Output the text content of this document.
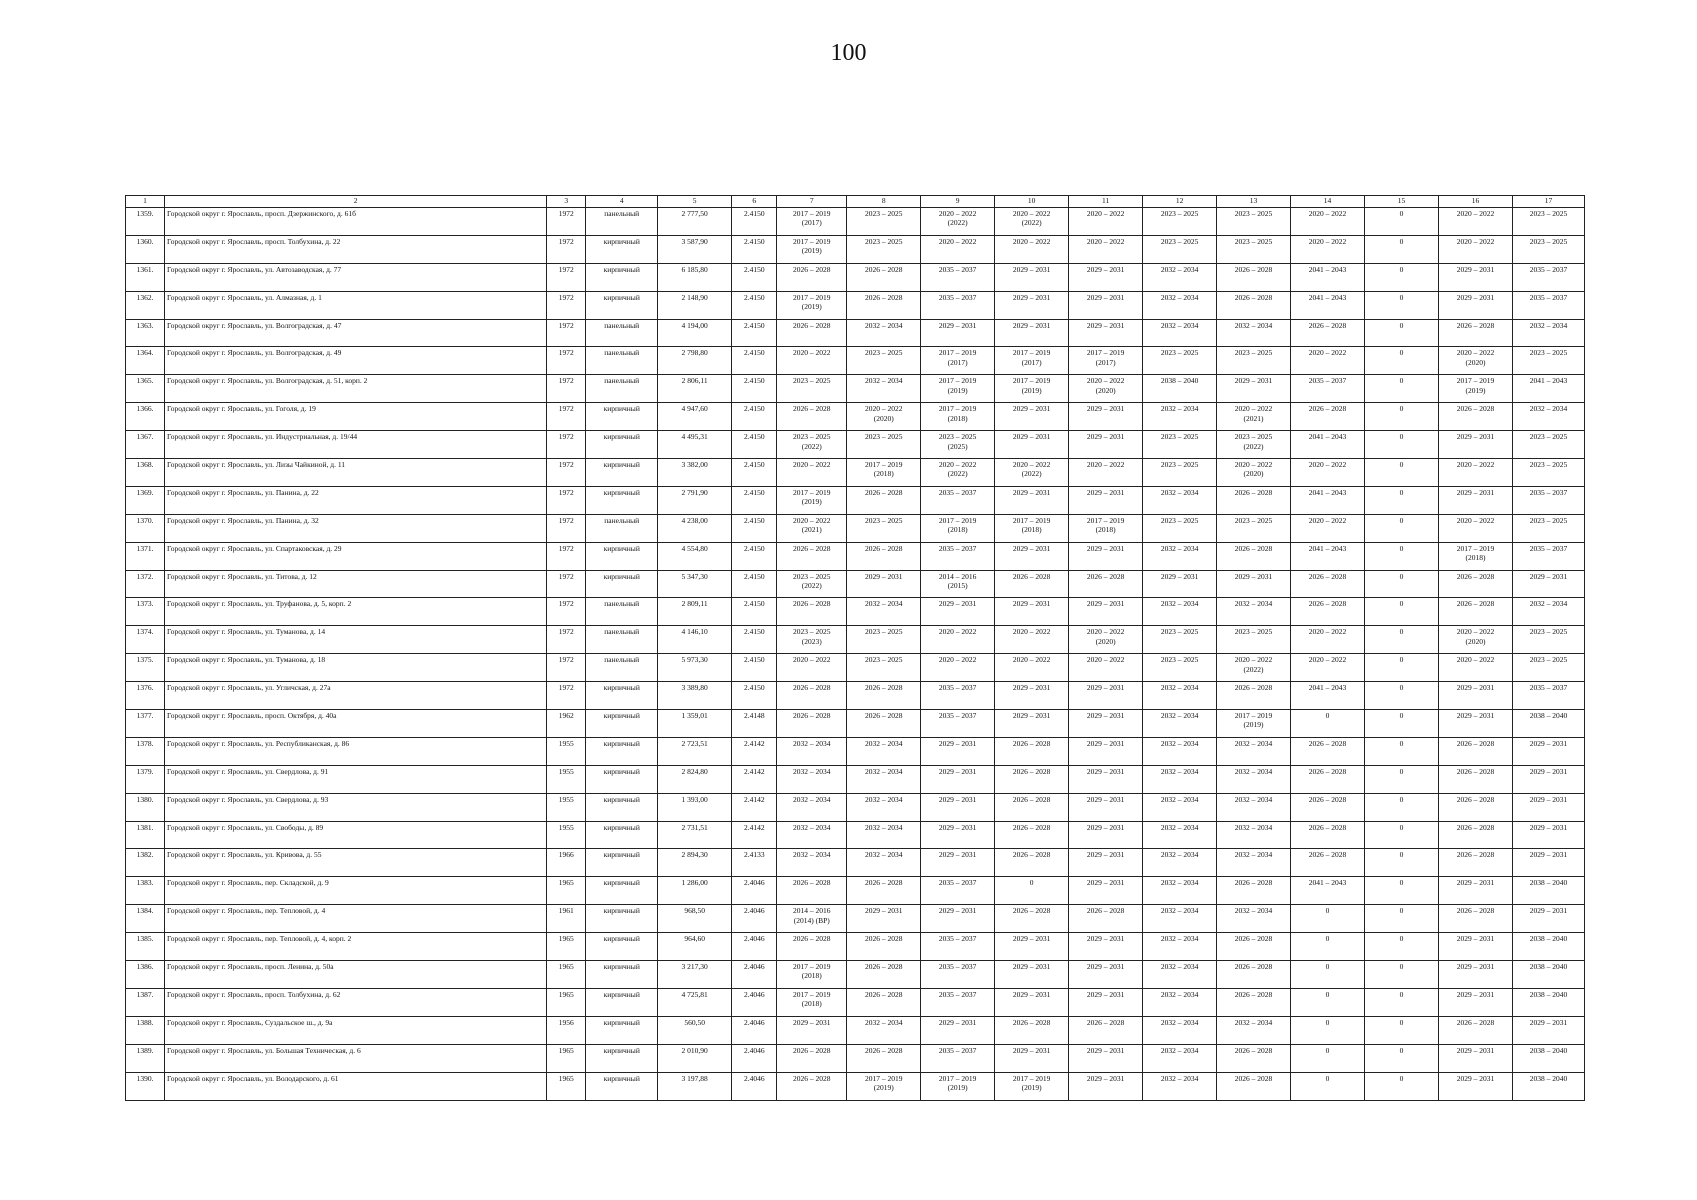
100
1	2	3	4	5	6	7	8	9	10	11	12	13	14	15	16	17

1359.	Городской округ г. Ярославль, просп. Дзержинского, д. 61б	1972	панельный	2 777,50	2.4150	2017 – 2019
(2017)	2023 – 2025	2020 – 2022
(2022)	2020 – 2022
(2022)	2020 – 2022	2023 – 2025	2023 – 2025	2020 – 2022	0	2020 – 2022	2023 – 2025

1360.	Городской округ г. Ярославль, просп. Толбухина, д. 22	1972	кирпичный	3 587,90	2.4150	2017 – 2019
(2019)	2023 – 2025	2020 – 2022	2020 – 2022	2020 – 2022	2023 – 2025	2023 – 2025	2020 – 2022	0	2020 – 2022	2023 – 2025

1361.	Городской округ г. Ярославль, ул. Автозаводская, д. 77	1972	кирпичный	6 185,80	2.4150	2026 – 2028	2026 – 2028	2035 – 2037	2029 – 2031	2029 – 2031	2032 – 2034	2026 – 2028	2041 – 2043	0	2029 – 2031	2035 – 2037

1362.	Городской округ г. Ярославль, ул. Алмазная, д. 1	1972	кирпичный	2 148,90	2.4150	2017 – 2019
(2019)	2026 – 2028	2035 – 2037	2029 – 2031	2029 – 2031	2032 – 2034	2026 – 2028	2041 – 2043	0	2029 – 2031	2035 – 2037

1363.	Городской округ г. Ярославль, ул. Волгоградская, д. 47	1972	панельный	4 194,00	2.4150	2026 – 2028	2032 – 2034	2029 – 2031	2029 – 2031	2029 – 2031	2032 – 2034	2032 – 2034	2026 – 2028	0	2026 – 2028	2032 – 2034

1364.	Городской округ г. Ярославль, ул. Волгоградская, д. 49	1972	панельный	2 798,80	2.4150	2020 – 2022	2023 – 2025	2017 – 2019
(2017)	2017 – 2019
(2017)	2017 – 2019
(2017)	2023 – 2025	2023 – 2025	2020 – 2022	0	2020 – 2022
(2020)	2023 – 2025

1365.	Городской округ г. Ярославль, ул. Волгоградская, д. 51, корп. 2	1972	панельный	2 806,11	2.4150	2023 – 2025	2032 – 2034	2017 – 2019
(2019)	2017 – 2019
(2019)	2020 – 2022
(2020)	2038 – 2040	2029 – 2031	2035 – 2037	0	2017 – 2019
(2019)	2041 – 2043

1366.	Городской округ г. Ярославль, ул. Гоголя, д. 19	1972	кирпичный	4 947,60	2.4150	2026 – 2028	2020 – 2022
(2020)	2017 – 2019
(2018)	2029 – 2031	2029 – 2031	2032 – 2034	2020 – 2022
(2021)	2026 – 2028	0	2026 – 2028	2032 – 2034

1367.	Городской округ г. Ярославль, ул. Индустриальная, д. 19/44	1972	кирпичный	4 495,31	2.4150	2023 – 2025
(2022)	2023 – 2025	2023 – 2025
(2025)	2029 – 2031	2029 – 2031	2023 – 2025	2023 – 2025
(2022)	2041 – 2043	0	2029 – 2031	2023 – 2025

1368.	Городской округ г. Ярославль, ул. Лизы Чайкиной, д. 11	1972	кирпичный	3 382,00	2.4150	2020 – 2022	2017 – 2019
(2018)	2020 – 2022
(2022)	2020 – 2022
(2022)	2020 – 2022	2023 – 2025	2020 – 2022
(2020)	2020 – 2022	0	2020 – 2022	2023 – 2025

1369.	Городской округ г. Ярославль, ул. Панина, д. 22	1972	кирпичный	2 791,90	2.4150	2017 – 2019
(2019)	2026 – 2028	2035 – 2037	2029 – 2031	2029 – 2031	2032 – 2034	2026 – 2028	2041 – 2043	0	2029 – 2031	2035 – 2037

1370.	Городской округ г. Ярославль, ул. Панина, д. 32	1972	панельный	4 238,00	2.4150	2020 – 2022
(2021)	2023 – 2025	2017 – 2019
(2018)	2017 – 2019
(2018)	2017 – 2019
(2018)	2023 – 2025	2023 – 2025	2020 – 2022	0	2020 – 2022	2023 – 2025

1371.	Городской округ г. Ярославль, ул. Спартаковская, д. 29	1972	кирпичный	4 554,80	2.4150	2026 – 2028	2026 – 2028	2035 – 2037	2029 – 2031	2029 – 2031	2032 – 2034	2026 – 2028	2041 – 2043	0	2017 – 2019
(2018)	2035 – 2037

1372.	Городской округ г. Ярославль, ул. Титова, д. 12	1972	кирпичный	5 347,30	2.4150	2023 – 2025
(2022)	2029 – 2031	2014 – 2016
(2015)	2026 – 2028	2026 – 2028	2029 – 2031	2029 – 2031	2026 – 2028	0	2026 – 2028	2029 – 2031

1373.	Городской округ г. Ярославль, ул. Труфанова, д. 5, корп. 2	1972	панельный	2 809,11	2.4150	2026 – 2028	2032 – 2034	2029 – 2031	2029 – 2031	2029 – 2031	2032 – 2034	2032 – 2034	2026 – 2028	0	2026 – 2028	2032 – 2034

1374.	Городской округ г. Ярославль, ул. Туманова, д. 14	1972	панельный	4 146,10	2.4150	2023 – 2025
(2023)	2023 – 2025	2020 – 2022	2020 – 2022	2020 – 2022
(2020)	2023 – 2025	2023 – 2025	2020 – 2022	0	2020 – 2022
(2020)	2023 – 2025

1375.	Городской округ г. Ярославль, ул. Туманова, д. 18	1972	панельный	5 973,30	2.4150	2020 – 2022	2023 – 2025	2020 – 2022	2020 – 2022	2020 – 2022	2023 – 2025	2020 – 2022
(2022)	2020 – 2022	0	2020 – 2022	2023 – 2025

1376.	Городской округ г. Ярославль, ул. Угличская, д. 27а	1972	кирпичный	3 389,80	2.4150	2026 – 2028	2026 – 2028	2035 – 2037	2029 – 2031	2029 – 2031	2032 – 2034	2026 – 2028	2041 – 2043	0	2029 – 2031	2035 – 2037

1377.	Городской округ г. Ярославль, просп. Октября, д. 40а	1962	кирпичный	1 359,01	2.4148	2026 – 2028	2026 – 2028	2035 – 2037	2029 – 2031	2029 – 2031	2032 – 2034	2017 – 2019
(2019)	0	0	2029 – 2031	2038 – 2040

1378.	Городской округ г. Ярославль, ул. Республиканская, д. 86	1955	кирпичный	2 723,51	2.4142	2032 – 2034	2032 – 2034	2029 – 2031	2026 – 2028	2029 – 2031	2032 – 2034	2032 – 2034	2026 – 2028	0	2026 – 2028	2029 – 2031

1379.	Городской округ г. Ярославль, ул. Свердлова, д. 91	1955	кирпичный	2 824,80	2.4142	2032 – 2034	2032 – 2034	2029 – 2031	2026 – 2028	2029 – 2031	2032 – 2034	2032 – 2034	2026 – 2028	0	2026 – 2028	2029 – 2031

1380.	Городской округ г. Ярославль, ул. Свердлова, д. 93	1955	кирпичный	1 393,00	2.4142	2032 – 2034	2032 – 2034	2029 – 2031	2026 – 2028	2029 – 2031	2032 – 2034	2032 – 2034	2026 – 2028	0	2026 – 2028	2029 – 2031

1381.	Городской округ г. Ярославль, ул. Свободы, д. 89	1955	кирпичный	2 731,51	2.4142	2032 – 2034	2032 – 2034	2029 – 2031	2026 – 2028	2029 – 2031	2032 – 2034	2032 – 2034	2026 – 2028	0	2026 – 2028	2029 – 2031

1382.	Городской округ г. Ярославль, ул. Кривова, д. 55	1966	кирпичный	2 894,30	2.4133	2032 – 2034	2032 – 2034	2029 – 2031	2026 – 2028	2029 – 2031	2032 – 2034	2032 – 2034	2026 – 2028	0	2026 – 2028	2029 – 2031

1383.	Городской округ г. Ярославль, пер. Складской, д. 9	1965	кирпичный	1 286,00	2.4046	2026 – 2028	2026 – 2028	2035 – 2037	0	2029 – 2031	2032 – 2034	2026 – 2028	2041 – 2043	0	2029 – 2031	2038 – 2040

1384.	Городской округ г. Ярославль, пер. Тепловой, д. 4	1961	кирпичный	968,50	2.4046	2014 – 2016
(2014) (ВР)	2029 – 2031	2029 – 2031	2026 – 2028	2026 – 2028	2032 – 2034	2032 – 2034	0	0	2026 – 2028	2029 – 2031

1385.	Городской округ г. Ярославль, пер. Тепловой, д. 4, корп. 2	1965	кирпичный	964,60	2.4046	2026 – 2028	2026 – 2028	2035 – 2037	2029 – 2031	2029 – 2031	2032 – 2034	2026 – 2028	0	0	2029 – 2031	2038 – 2040

1386.	Городской округ г. Ярославль, просп. Ленина, д. 50а	1965	кирпичный	3 217,30	2.4046	2017 – 2019
(2018)	2026 – 2028	2035 – 2037	2029 – 2031	2029 – 2031	2032 – 2034	2026 – 2028	0	0	2029 – 2031	2038 – 2040

1387.	Городской округ г. Ярославль, просп. Толбухина, д. 62	1965	кирпичный	4 725,81	2.4046	2017 – 2019
(2018)	2026 – 2028	2035 – 2037	2029 – 2031	2029 – 2031	2032 – 2034	2026 – 2028	0	0	2029 – 2031	2038 – 2040

1388.	Городской округ г. Ярославль, Суздальское ш., д. 9а	1956	кирпичный	560,50	2.4046	2029 – 2031	2032 – 2034	2029 – 2031	2026 – 2028	2026 – 2028	2032 – 2034	2032 – 2034	0	0	2026 – 2028	2029 – 2031

1389.	Городской округ г. Ярославль, ул. Большая Техническая, д. 6	1965	кирпичный	2 010,90	2.4046	2026 – 2028	2026 – 2028	2035 – 2037	2029 – 2031	2029 – 2031	2032 – 2034	2026 – 2028	0	0	2029 – 2031	2038 – 2040

1390.	Городской округ г. Ярославль, ул. Володарского, д. 61	1965	кирпичный	3 197,88	2.4046	2026 – 2028	2017 – 2019
(2019)	2017 – 2019
(2019)	2017 – 2019
(2019)	2029 – 2031	2032 – 2034	2026 – 2028	0	0	2029 – 2031	2038 – 2040
